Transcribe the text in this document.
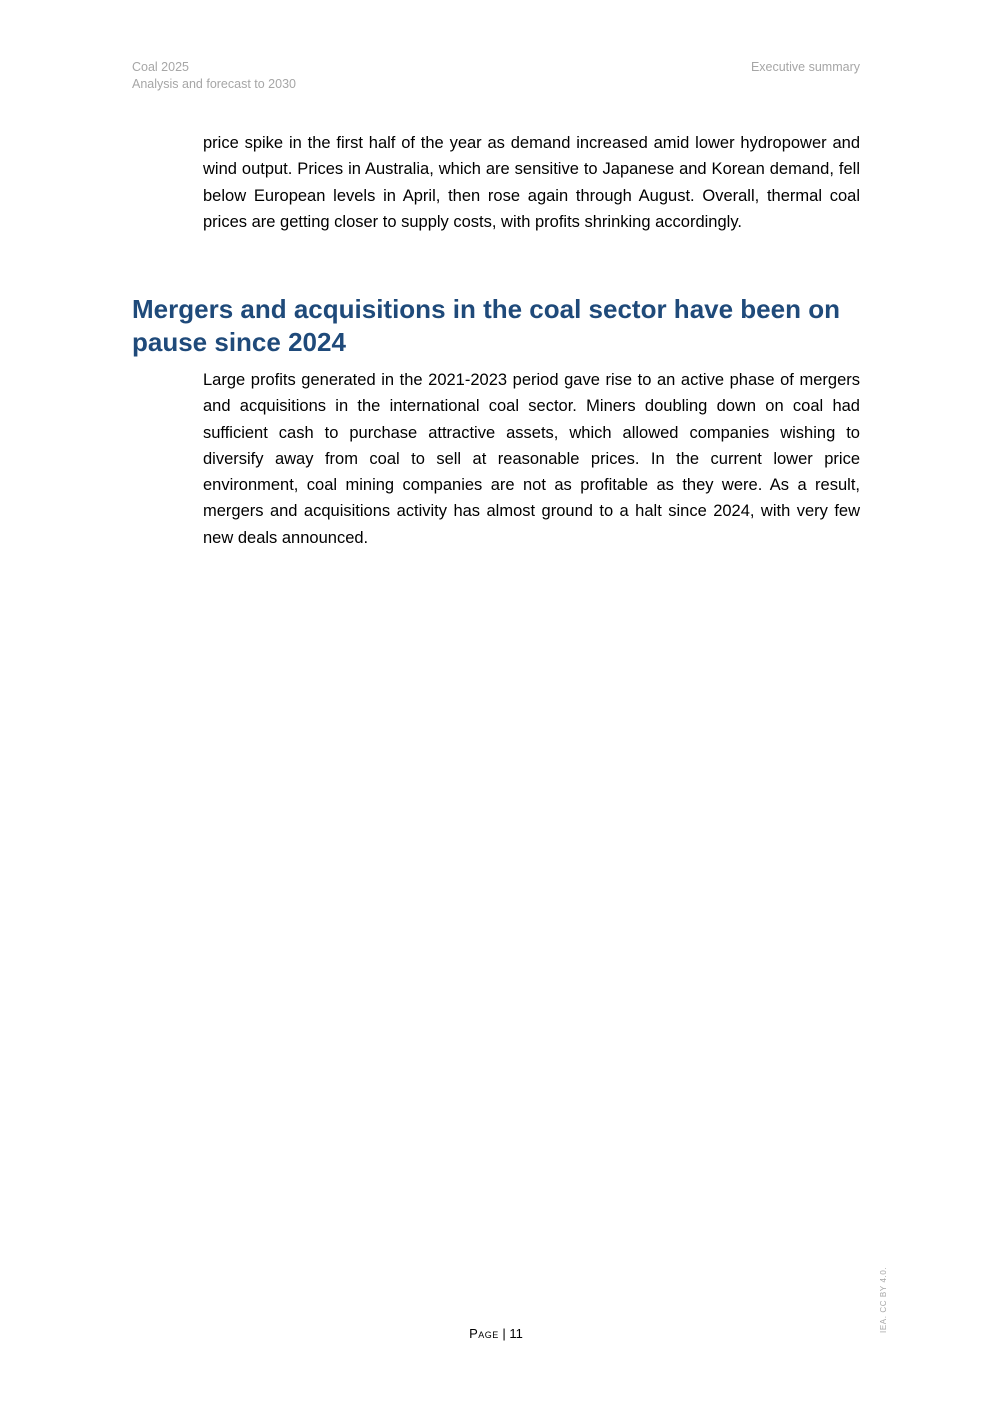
Coal 2025
Analysis and forecast to 2030
Executive summary

price spike in the first half of the year as demand increased amid lower hydropower and wind output. Prices in Australia, which are sensitive to Japanese and Korean demand, fell below European levels in April, then rose again through August. Overall, thermal coal prices are getting closer to supply costs, with profits shrinking accordingly.

Mergers and acquisitions in the coal sector have been on pause since 2024

Large profits generated in the 2021-2023 period gave rise to an active phase of mergers and acquisitions in the international coal sector. Miners doubling down on coal had sufficient cash to purchase attractive assets, which allowed companies wishing to diversify away from coal to sell at reasonable prices. In the current lower price environment, coal mining companies are not as profitable as they were. As a result, mergers and acquisitions activity has almost ground to a halt since 2024, with very few new deals announced.

Page | 11
IEA. CC BY 4.0.
